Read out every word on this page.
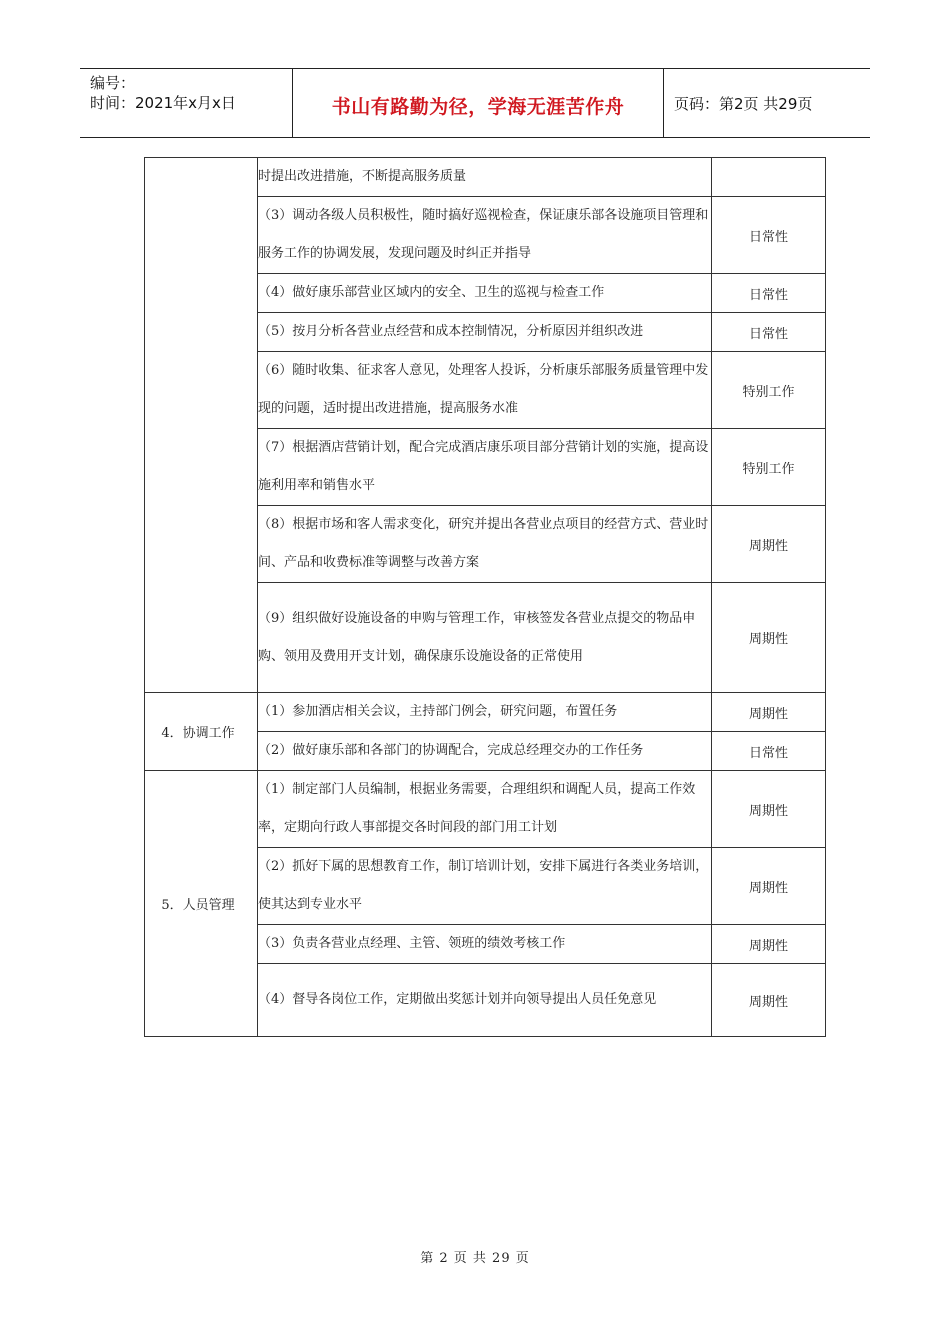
编号：
时间：2021年x月x日	书山有路勤为径，学海无涯苦作舟	页码：第2页 共29页

	时提出改进措施，不断提高服务质量	

	（3）调动各级人员积极性，随时搞好巡视检查，保证康乐部各设施项目管理和服务工作的协调发展，发现问题及时纠正并指导	日常性

	（4）做好康乐部营业区域内的安全、卫生的巡视与检查工作	日常性

	（5）按月分析各营业点经营和成本控制情况，分析原因并组织改进	日常性

	（6）随时收集、征求客人意见，处理客人投诉，分析康乐部服务质量管理中发现的问题，适时提出改进措施，提高服务水准	特别工作

	（7）根据酒店营销计划，配合完成酒店康乐项目部分营销计划的实施，提高设施利用率和销售水平	特别工作

	（8）根据市场和客人需求变化，研究并提出各营业点项目的经营方式、营业时间、产品和收费标准等调整与改善方案	周期性

	（9）组织做好设施设备的申购与管理工作，审核签发各营业点提交的物品申购、领用及费用开支计划，确保康乐设施设备的正常使用	周期性
4．协调工作	（1）参加酒店相关会议，主持部门例会，研究问题，布置任务	周期性

	（2）做好康乐部和各部门的协调配合，完成总经理交办的工作任务	日常性
5．人员管理	（1）制定部门人员编制，根据业务需要，合理组织和调配人员，提高工作效率，定期向行政人事部提交各时间段的部门用工计划	周期性

	（2）抓好下属的思想教育工作，制订培训计划，安排下属进行各类业务培训，使其达到专业水平	周期性

	（3）负责各营业点经理、主管、领班的绩效考核工作	周期性

	（4）督导各岗位工作，定期做出奖惩计划并向领导提出人员任免意见	周期性
第 2 页 共 29 页
